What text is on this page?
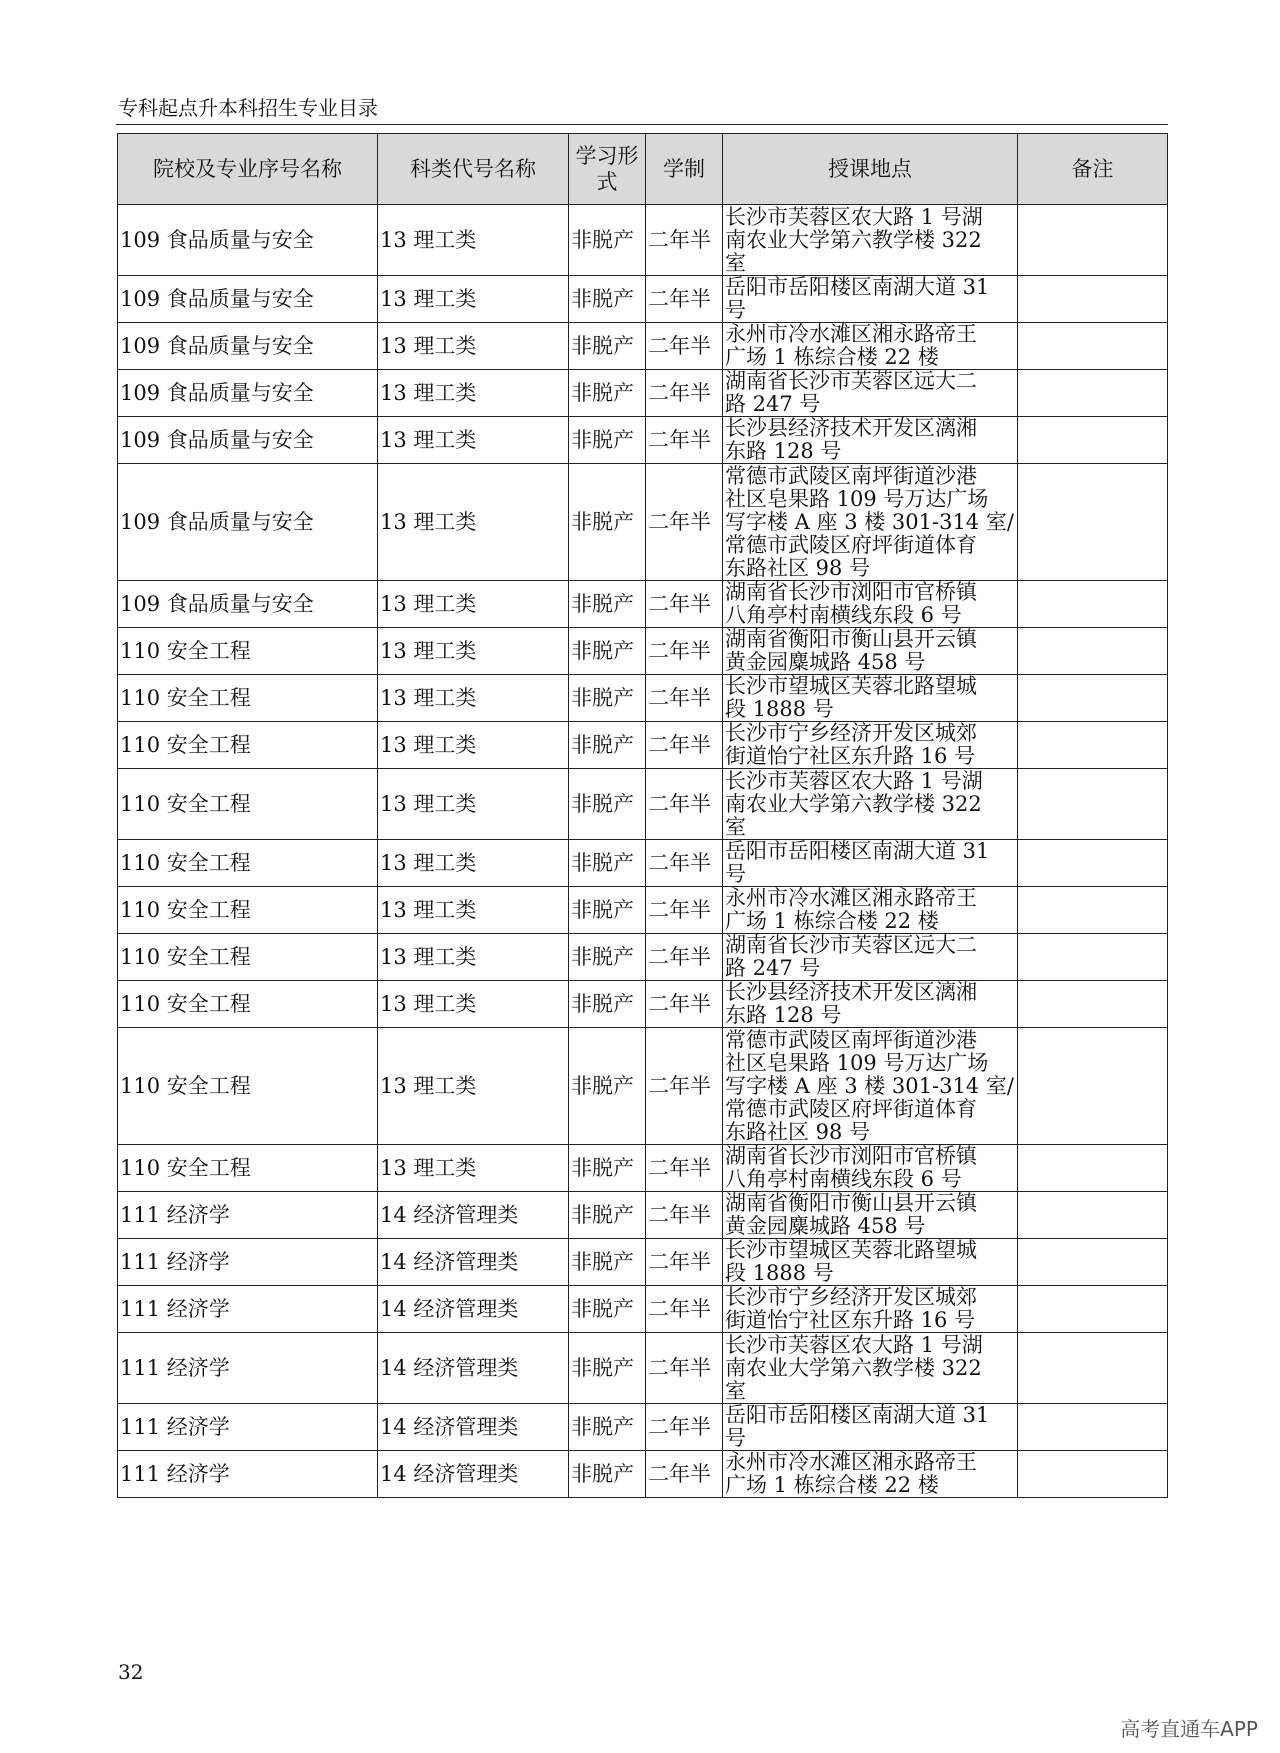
专科起点升本科招生专业目录
院校及专业序号名称	科类代号名称	学习形式	学制	授课地点	备注
109 食品质量与安全	13 理工类	非脱产	二年半	长沙市芙蓉区农大路 1 号湖
南农业大学第六教学楼 322
室	
109 食品质量与安全	13 理工类	非脱产	二年半	岳阳市岳阳楼区南湖大道 31
号	
109 食品质量与安全	13 理工类	非脱产	二年半	永州市冷水滩区湘永路帝王
广场 1 栋综合楼 22 楼	
109 食品质量与安全	13 理工类	非脱产	二年半	湖南省长沙市芙蓉区远大二
路 247 号	
109 食品质量与安全	13 理工类	非脱产	二年半	长沙县经济技术开发区漓湘
东路 128 号	
109 食品质量与安全	13 理工类	非脱产	二年半	常德市武陵区南坪街道沙港
社区皂果路 109 号万达广场
写字楼 A 座 3 楼 301-314 室/
常德市武陵区府坪街道体育
东路社区 98 号	
109 食品质量与安全	13 理工类	非脱产	二年半	湖南省长沙市浏阳市官桥镇
八角亭村南横线东段 6 号	
110 安全工程	13 理工类	非脱产	二年半	湖南省衡阳市衡山县开云镇
黄金园麋城路 458 号	
110 安全工程	13 理工类	非脱产	二年半	长沙市望城区芙蓉北路望城
段 1888 号	
110 安全工程	13 理工类	非脱产	二年半	长沙市宁乡经济开发区城郊
街道怡宁社区东升路 16 号	
110 安全工程	13 理工类	非脱产	二年半	长沙市芙蓉区农大路 1 号湖
南农业大学第六教学楼 322
室	
110 安全工程	13 理工类	非脱产	二年半	岳阳市岳阳楼区南湖大道 31
号	
110 安全工程	13 理工类	非脱产	二年半	永州市冷水滩区湘永路帝王
广场 1 栋综合楼 22 楼	
110 安全工程	13 理工类	非脱产	二年半	湖南省长沙市芙蓉区远大二
路 247 号	
110 安全工程	13 理工类	非脱产	二年半	长沙县经济技术开发区漓湘
东路 128 号	
110 安全工程	13 理工类	非脱产	二年半	常德市武陵区南坪街道沙港
社区皂果路 109 号万达广场
写字楼 A 座 3 楼 301-314 室/
常德市武陵区府坪街道体育
东路社区 98 号	
110 安全工程	13 理工类	非脱产	二年半	湖南省长沙市浏阳市官桥镇
八角亭村南横线东段 6 号	
111 经济学	14 经济管理类	非脱产	二年半	湖南省衡阳市衡山县开云镇
黄金园麋城路 458 号	
111 经济学	14 经济管理类	非脱产	二年半	长沙市望城区芙蓉北路望城
段 1888 号	
111 经济学	14 经济管理类	非脱产	二年半	长沙市宁乡经济开发区城郊
街道怡宁社区东升路 16 号	
111 经济学	14 经济管理类	非脱产	二年半	长沙市芙蓉区农大路 1 号湖
南农业大学第六教学楼 322
室	
111 经济学	14 经济管理类	非脱产	二年半	岳阳市岳阳楼区南湖大道 31
号	
111 经济学	14 经济管理类	非脱产	二年半	永州市冷水滩区湘永路帝王
广场 1 栋综合楼 22 楼	
32
高考直通车APP
